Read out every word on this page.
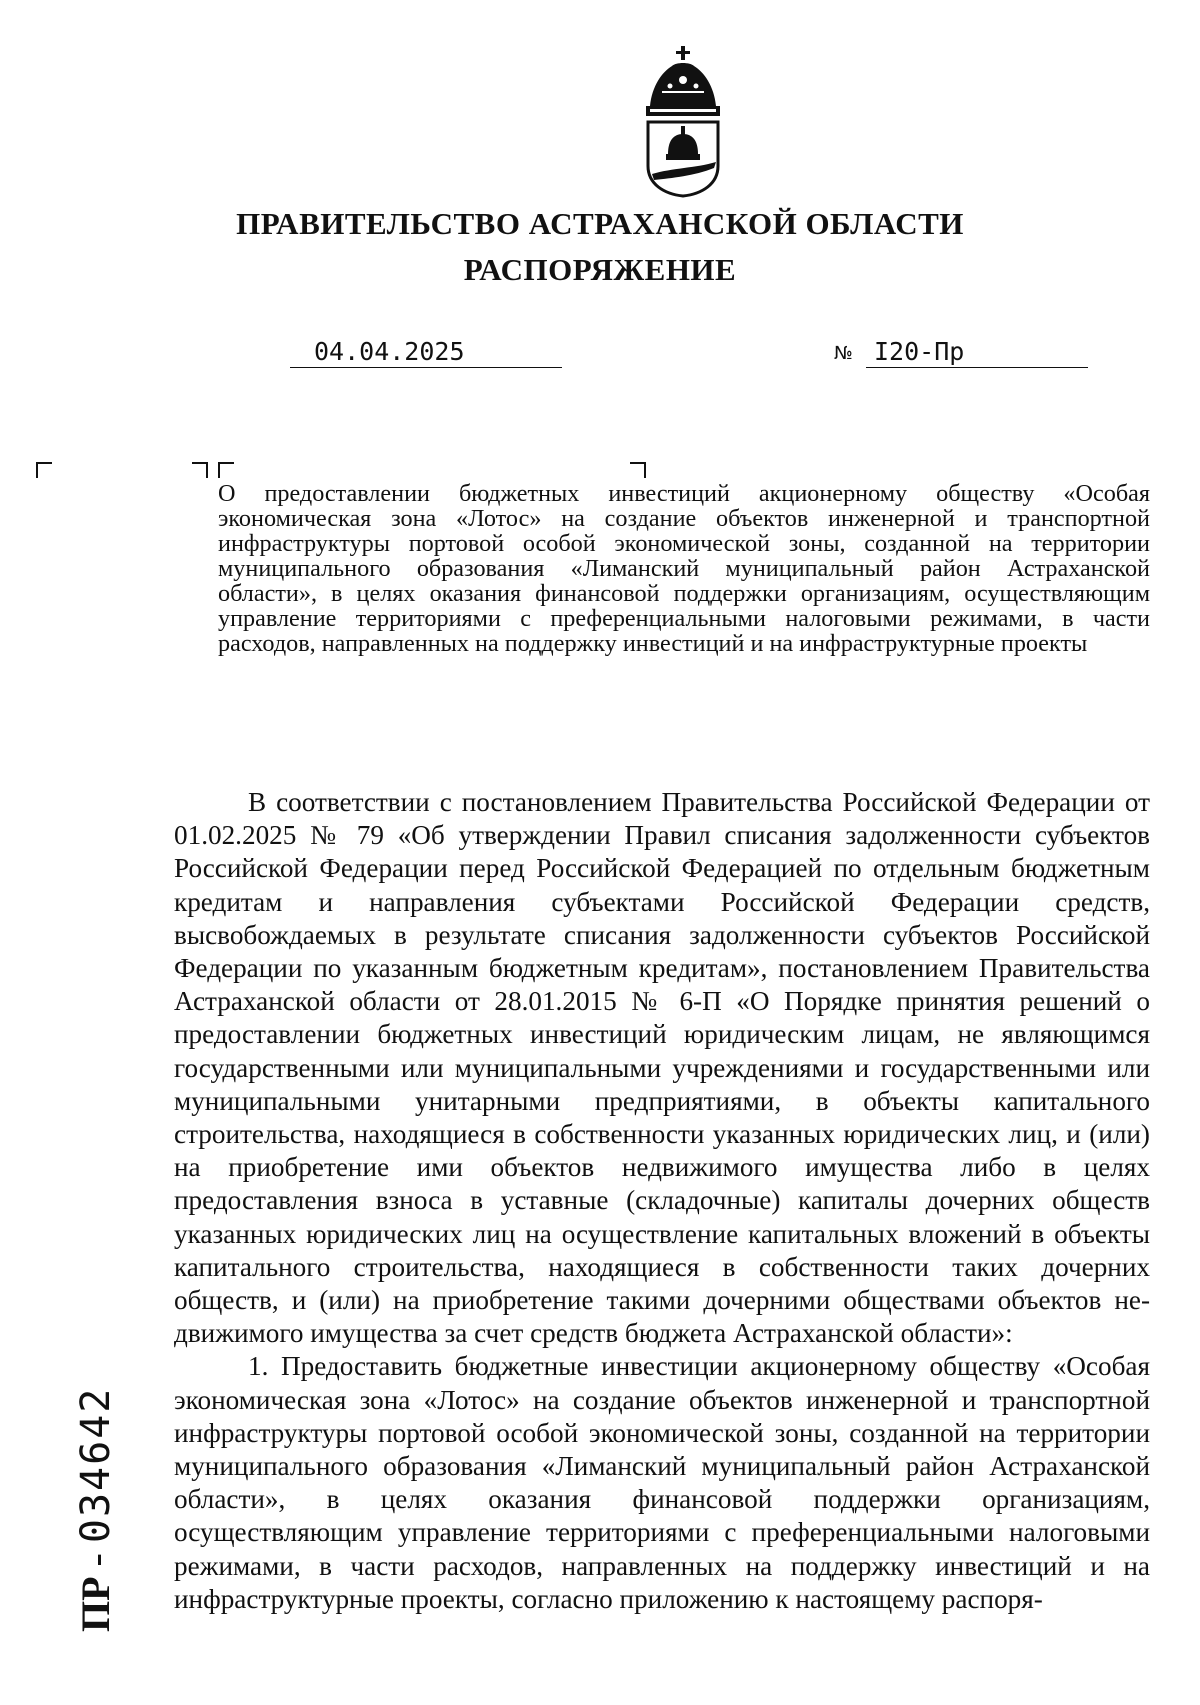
ПРАВИТЕЛЬСТВО АСТРАХАНСКОЙ ОБЛАСТИ
РАСПОРЯЖЕНИЕ
04.04.2025	№ I20-Пр
О предоставлении бюджетных инвестиций акционерному обществу «Особая экономическая зона «Лотос» на создание объектов инженерной и транспортной инфраструктуры портовой особой экономической зоны, созданной на территории муниципального образования «Лиманский муниципальный район Астраханской области», в целях оказания финансовой поддержки организациям, осуществляющим управление территориями с преференциальными налоговыми режимами, в части расходов, направленных на поддержку инвестиций и на инфраструктурные проекты

В соответствии с постановлением Правительства Российской Федерации от 01.02.2025 № 79 «Об утверждении Правил списания задолженности субъектов Российской Федерации перед Российской Федерацией по отдельным бюджетным кредитам и направления субъектами Российской Федерации средств, высвобождаемых в результате списания задолженности субъектов Российской Федерации по указанным бюджетным кредитам», постановлением Правительства Астраханской области от 28.01.2015 № 6-П «О Порядке принятия решений о предоставлении бюджетных инвестиций юридическим лицам, не являющимся государственными или муниципальными учреждениями и государственными или муниципальными унитарными предприятиями, в объекты капитального строительства, находящиеся в собственности указанных юридических лиц, и (или) на приобретение ими объектов недвижимого имущества либо в целях предоставления взноса в уставные (складочные) капиталы дочерних обществ указанных юридических лиц на осуществление капитальных вложений в объекты капитального строительства, находящиеся в собственности таких дочерних обществ, и (или) на приобретение такими дочерними обществами объектов недвижимого имущества за счет средств бюджета Астраханской области»:

1. Предоставить бюджетные инвестиции акционерному обществу «Особая экономическая зона «Лотос» на создание объектов инженерной и транспортной инфраструктуры портовой особой экономической зоны, созданной на территории муниципального образования «Лиманский муниципальный район Астраханской области», в целях оказания финансовой поддержки организациям, осуществляющим управление территориями с преференциальными налоговыми режимами, в части расходов, направленных на поддержку инвестиций и на инфраструктурные проекты, согласно приложению к настоящему распоря-

ПР - 034642
